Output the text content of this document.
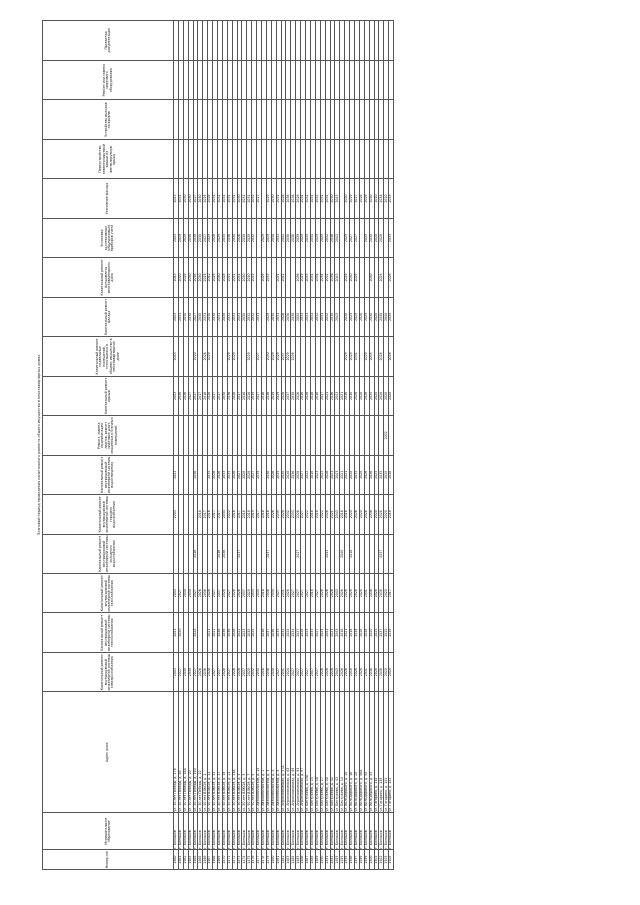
Плановый период проведения капитального ремонта общего имущества в многоквартирных домах																			
Номер п/п	Муниципальное образование	Адрес дома	Капитальный ремонт внутридомовой инженерной системы электроснабжения	Капитальный ремонт внутридомовой инженерной системы теплоснабжения	Капитальный ремонт внутридомовой инженерной системы газоснабжения	Капитальный ремонт внутридомовой инженерной системы холодного водоснабжения	Капитальный ремонт внутридомовой инженерной системы горячего водоснабжения	Капитальный ремонт внутридомовой инженерной системы водоотведения	Ремонт, замена, модернизация лифтов, ремонт лифтовых шахт, машинных и блочных помещений	Капитальный ремонт крыши	Капитальный ремонт подвальных помещений, относящихся к общему имуществу в многоквартирном доме	Капитальный ремонт фасада	Капитальный ремонт фундамента многоквартирного дома	Установка коллективных (общедомовых) приборов учета	Утепление фасада	Переустройство невентилируемой крыши на вентилируемую крышу	Устройство выходов на кровлю	Ремонт или замена лифтового оборудования	Проектная документация
1460	г. Балашов	ул. 30 лет Победы, д. 176	2043	2043	2043		2043	2043		2043	2043	2043	2043	2043	2043				
1461	г. Балашов	ул. 30 лет Победы, д. 18	2027	2020	2027					2038		2031	2020	2029	2031				
1462	г. Балашов	ул. 30 лет Победы, д. 18А	2030		2030					2036		2030	2029	2029	2030				
1463	г. Балашов	ул. 30 лет Победы, д. 20	2030		2030					2027		2030	2030	2030	2030				
1464	г. Балашов	ул. 30 лет Победы, д. 190	2027	2024	2027	2016		2036		2017	2020	2027	2038	2038	2027				
1465	г. Балашов	ул. 30 лет Победы, д. 22	2026		2026		2018			2017		2030	2030	2030	2030				
1466	г. Балашов	ул. 40 лет ВЛКСМ, д. 1	2036		2036		2017			2016	2026	2031	2029	2027	2029				
1467	г. Балашов	ул. 40 лет ВЛКСМ, д. 11	2026	2021	2026		2016	2035		2026	2029	2030	2042	2029	2028				
1468	г. Балашов	ул. 40 лет ВЛКСМ, д. 15	2027	2022	2027		2017	2026		2017		2030	2029	2028	2031				
1469	г. Балашов	ул. 40 лет ВЛКСМ, д. 17	2037	2036	2037	2016	2017	2026		2017		2031	2030	2029	2031				
1470	г. Балашов	ул. 50 лет ВЛКСМ, д. 19	2028	2036	2028	2036	2034	2033		2030		2030	2028	2033	2031				
1471	г. Балашов	ул. 50 лет ВЛКСМ, д. 21	2027	2036	2027		2022	2035		2036	2029	2031	2032	2036	2031				
1472	г. Балашов	ул. 50 лет ВЛКСМ, д. 23А	2026	2026	2026		2016	2026		2026	2029	2031	2031	2030	2031				
1473	г. Балашов	ул. 50 лет ВЛКСМ, д. 3	2026	2022	2026	2037	2017	2027		2017		2031	2031	2026	2030				
1474	г. Балашов	ул. 50 лет ВЛКСМ, д. 5	2037	2023	2037		2018	2028		2018		2030	2030	2030	2031				
1475	г. Балашов	ул. 50 лет ВЛКСМ, д. 7	2020	2035	2020		2018	2028		2026	2029	2032	2030	2029	2031				
1476	г. Балашов	ул. 50 лет ВЛКСМ, д. 9	2032	2025	2033		2019	2027		2019		2032	2033	2032	2032				
1477	г. Балашов	ул. Автомобилистов, д. 14	2034		2034		2017	2039		2027	2027	2033			2027				
1478	г. Балашов	ул. Автомобилистов, д. 2	2016	2016	2016		2016			2016			2029	2029					
1479	г. Балашов	ул. Автомобилистов, д. 3	2036	2037	2036	2037	2016	2036		2016	2030	2029	2033	2029	2029				
1480	г. Балашов	ул. Автомобилистов, д. 4	2030	2036	2030		2026	2026		2019	2029	2030		2030	2030				
1481	г. Балашов	ул. Автомобилистов, д. 5	2027	2035	2027		2039	2035		2029	2029	2031	2031	2031	2031				
1482	г. Балашов	ул. Агрономическая, д. 57А	2031	2032	2031		2028	2020		2026	2037	2026	2041	2041	2026				
1483	г. Балашов	ул. Агрономическая, д. 63	2024	2024	2028		2032	2028		2037	2029	2038		2038	2038				
1484	г. Балашов	ул. Агрономическая, д. 65	2027	2034	2027		2033	2036		2030	2038	2038		2038	2038				
1485	г. Балашов	ул. Агрономическая, д. 81	2027	2027	2027	2027	2026	2028		2028		2032	2036	2039	2028				
1486	г. Балашов	ул. Агрономическая, д. 87	2027	2028	2027		2027	2027		2018		2031	2029	2029	2031				
1487	г. Балашов	ул. Бестужева, д. 13А	2027	2023	2027		2022	2022		2026		2031	2033	2033	2031				
1488	г. Балашов	ул. Бестужева, д. 15	2017	2033	2018		2018	2018		2018		2031	2031	2031	2031				
1489	г. Балашов	ул. Бестужева, д. 16	2027	2027	2027		2018	2023		2018		2032	2034	2029	2032				
1490	г. Балашов	ул. Бестужева, д. 17	2026	2029	2026		2022	2022		2017		2031	2034	2029	2031				
1491	г. Балашов	ул. Бестужева, д. 18	2026	2043	2026	2043	2026	2026		2021		2032	2032	2032	2031				
1492	г. Балашов	ул. Бестужева, д. 41	2026	2021	2026		2021	2021		2016		2030	2036	2036	2030				
1493	г. Балашов	ул. Бестужева, д. 43	2043	2043	2043		2043	2043		2043		2043	2043	2043	2043				
1494	г. Балашов	ул. Бестужева, д. 14	2026	2016	2026	2040	2016	2021		2021									
1495	г. Балашов	ул. Володарского, д. 14	2026	2021	2026		2016	2021		2016	2029	2030	2029	2029	2030				
1496	г. Балашов	ул. Володарского, д. 16	2018	2018	2028	2018	2020	2028		2018	2029	2029	2030	2027	2029				
1497	г. Балашов	ул. Володарского, д. 20	2028	2019	2028		2026	2035		2026	2031	2029	2029	2027	2027				
1498	г. Балашов	ул. Володарского, д. 46а	2028	2028	2028		2020	2028		2028		2028			2028				
1499	г. Балашов	ул. Володарского, д. 50	2031	2026	2031		2026	2026		2026	2029	2029		2029	2029				
1500	г. Балашов	ул. Володарского, д. 53	2036	2020	2036		2036	2036		2035	2035	2030	2030	2030	2030				
1501	г. Балашов	ул. Гагарина, д. 114	2028	2025	2028		2020	2025		2020		2020		2020	2020				
1502	г. Балашов	ул. Гагарина, д. 119	2038	2037	2038	2037	2028	2035		2028	2028	2038	2029	2028	2038				
1503	г. Балашов	ул. Гагарина, д. 141	2020	2020	2020		2020	2020	2032	2020		2040			2020				
1504	г. Балашов	ул. Гагарина, д. 152	2018	2019	2017		2018	2018		2020	2028	2034	2028	2033	2033				
